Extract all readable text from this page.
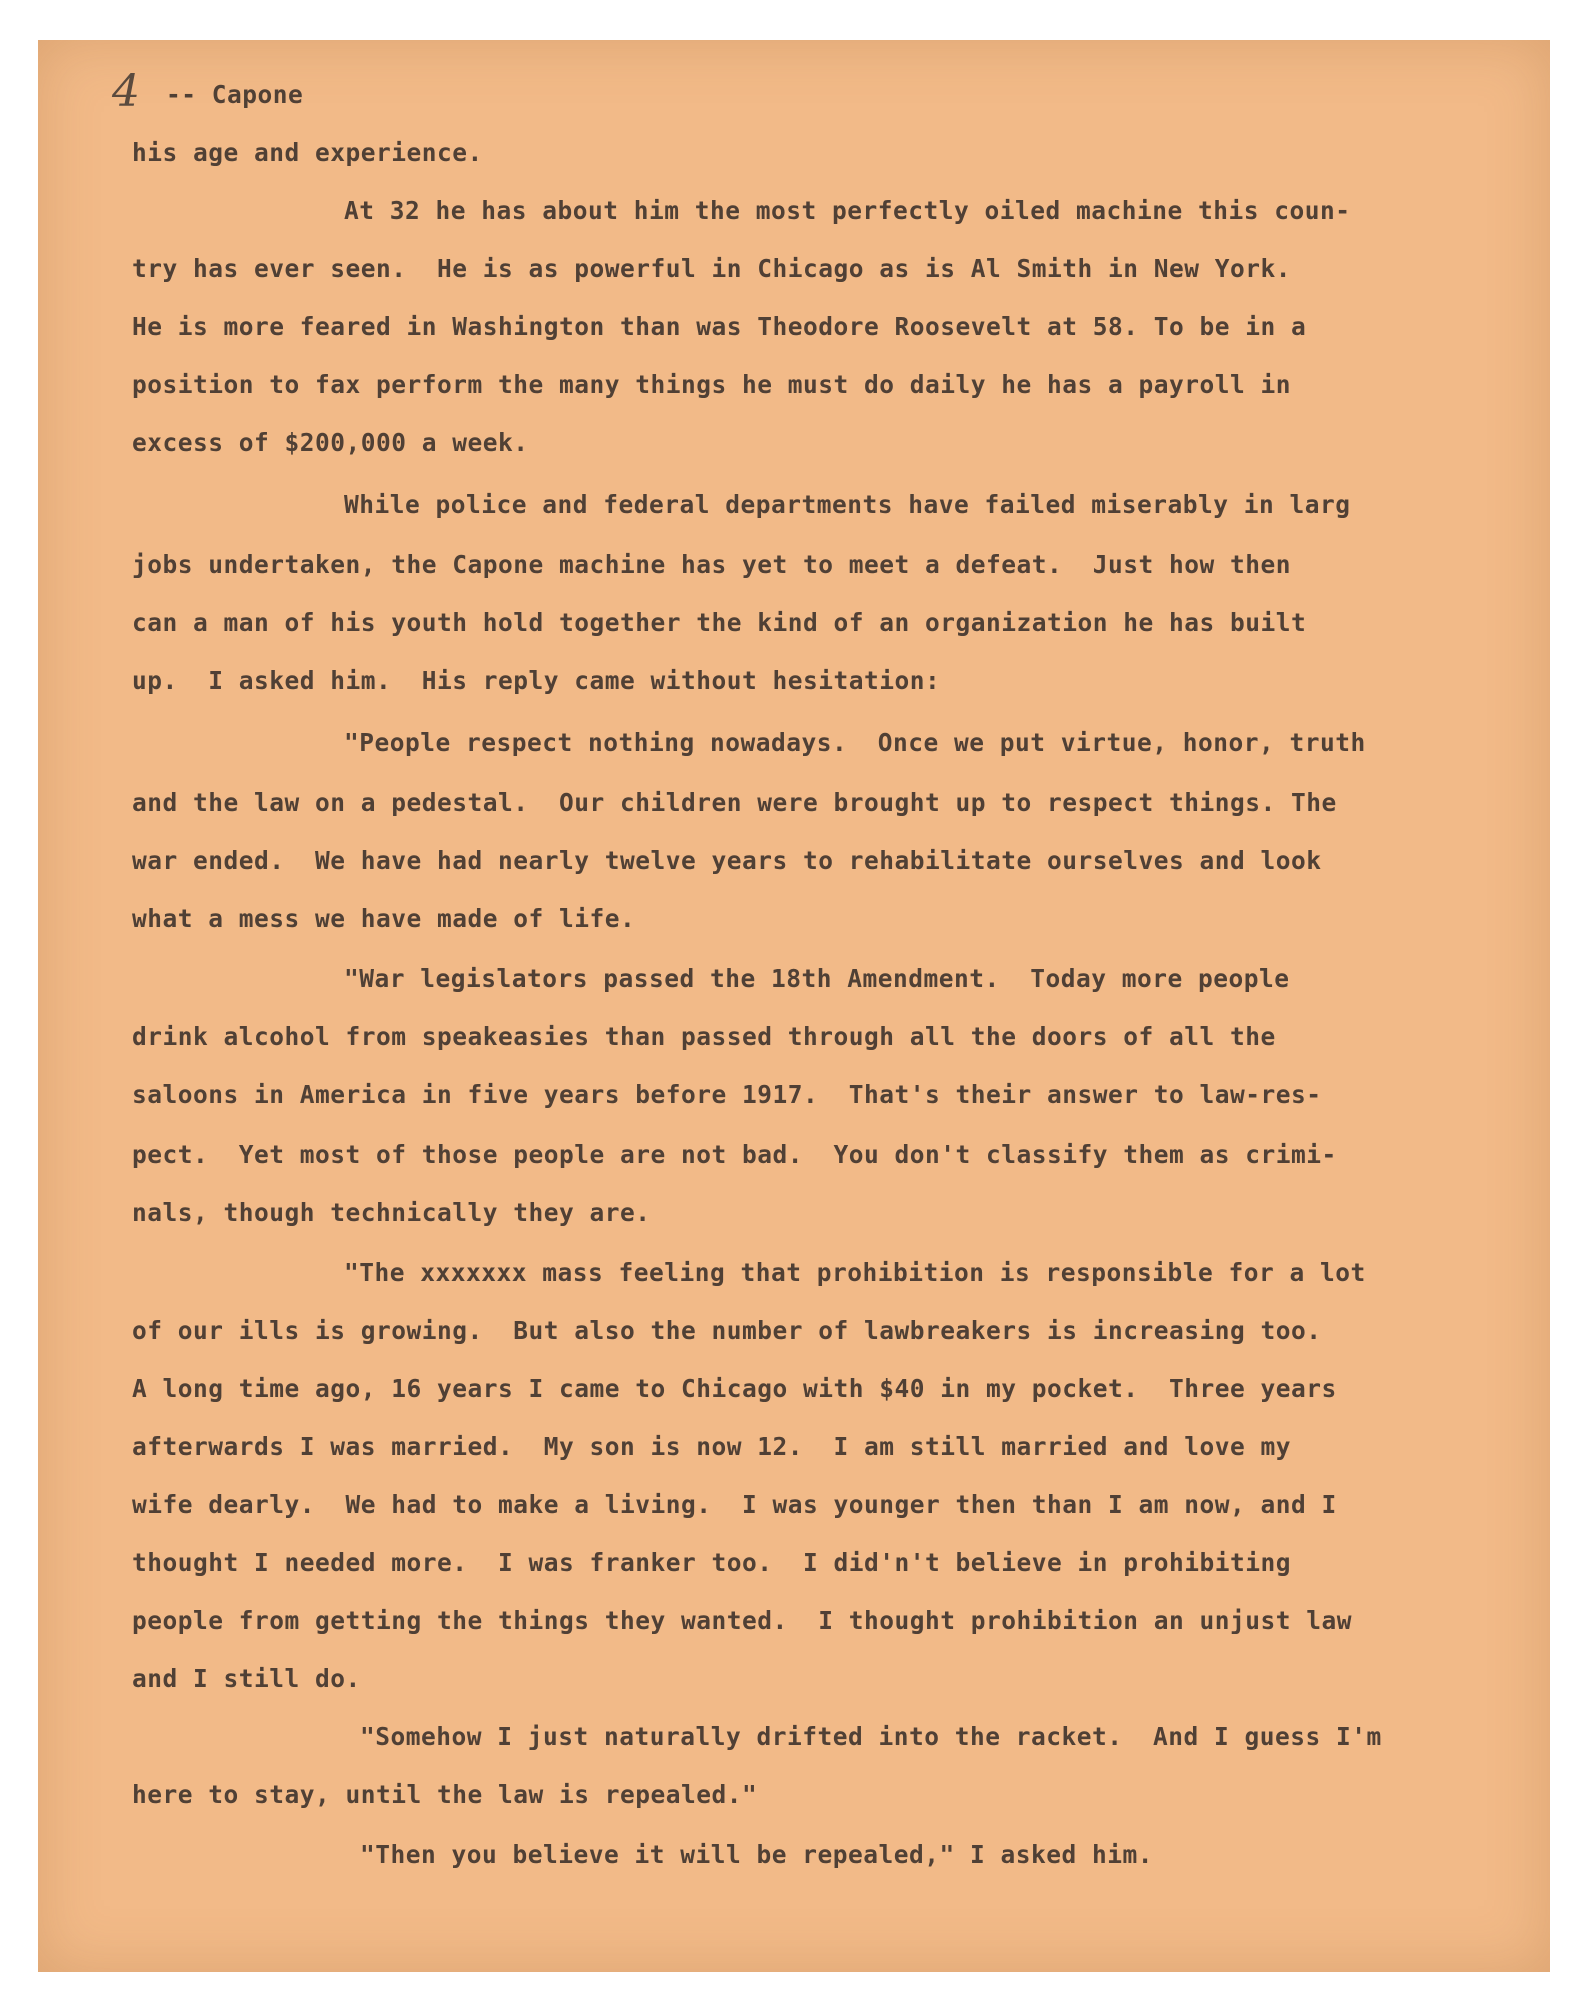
4 -- Capone

his age and experience.

At 32 he has about him the most perfectly oiled machine this coun-

try has ever seen.  He is as powerful in Chicago as is Al Smith in New York.

He is more feared in Washington than was Theodore Roosevelt at 58. To be in a

position to fax perform the many things he must do daily he has a payroll in

excess of $200,000 a week.

While police and federal departments have failed miserably in larg

jobs undertaken, the Capone machine has yet to meet a defeat.  Just how then

can a man of his youth hold together the kind of an organization he has built

up.  I asked him.  His reply came without hesitation:

"People respect nothing nowadays.  Once we put virtue, honor, truth

and the law on a pedestal.  Our children were brought up to respect things. The

war ended.  We have had nearly twelve years to rehabilitate ourselves and look

what a mess we have made of life.

"War legislators passed the 18th Amendment.  Today more people

drink alcohol from speakeasies than passed through all the doors of all the

saloons in America in five years before 1917.  That's their answer to law-res-

pect.  Yet most of those people are not bad.  You don't classify them as crimi-

nals, though technically they are.

"The xxxxxxx mass feeling that prohibition is responsible for a lot

of our ills is growing.  But also the number of lawbreakers is increasing too.

A long time ago, 16 years I came to Chicago with $40 in my pocket.  Three years

afterwards I was married.  My son is now 12.  I am still married and love my

wife dearly.  We had to make a living.  I was younger then than I am now, and I

thought I needed more.  I was franker too.  I did'n't believe in prohibiting

people from getting the things they wanted.  I thought prohibition an unjust law

and I still do.

"Somehow I just naturally drifted into the racket.  And I guess I'm

here to stay, until the law is repealed."

"Then you believe it will be repealed," I asked him.
